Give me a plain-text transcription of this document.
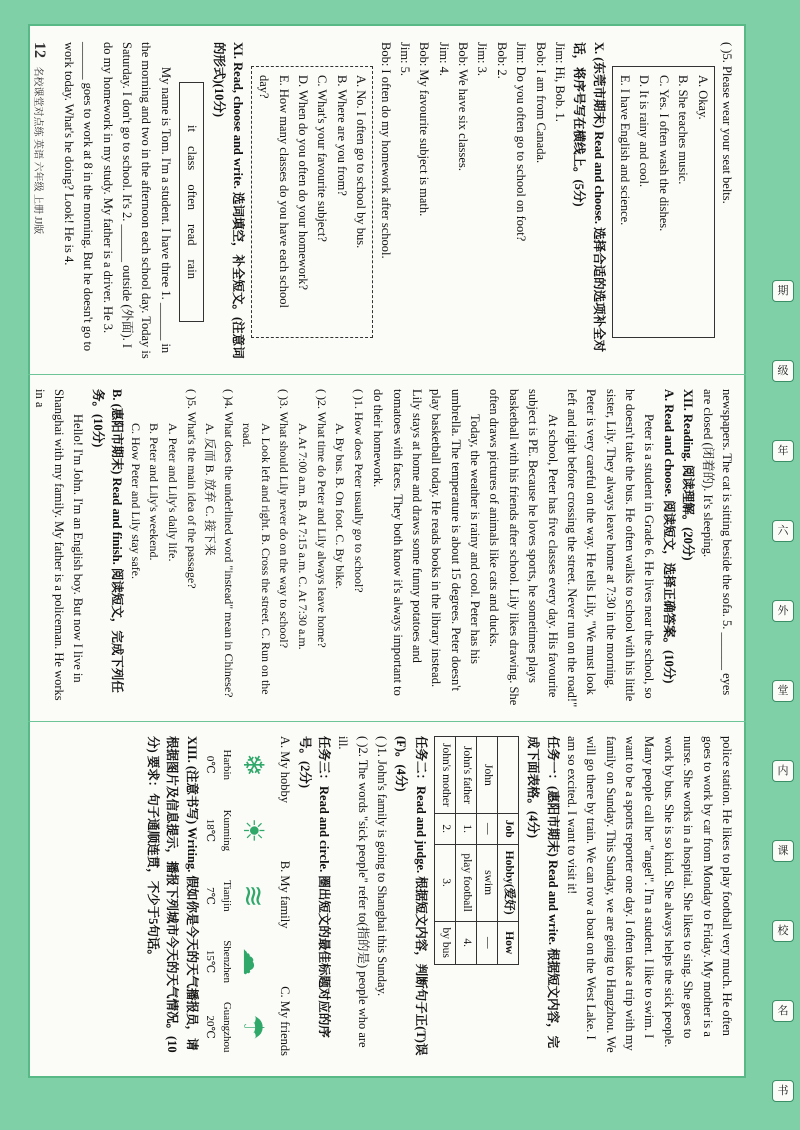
( )5. Please wear your seat belts.
A. Okay.
B. She teaches music.
C. Yes. I often wash the dishes.
D. It is rainy and cool.
E. I have English and science.
X. (东莞市期末) Read and choose. 选择合适的选项补全对话，将序号写在横线上。(5分)
Jim: Hi, Bob. 1.
Bob: I am from Canada.
Jim: Do you often go to school on foot?
Bob: 2.
Jim: 3.
Bob: We have six classes.
Jim: 4.
Bob: My favourite subject is math.
Jim: 5.
Bob: I often do my homework after school.
A. No. I often go to school by bus.
B. Where are you from?
C. What's your favourite subject?
D. When do you often do your homework?
E. How many classes do you have each school day?
XI. Read, choose and write. 选词填空，补全短文。(注意词的形式)(10分)
it
class
often
read
rain
My name is Tom. I'm a student. I have three 1. ______ in the morning and two in the afternoon each school day. Today is Saturday. I don't go to school. It's 2. ______ outside (外面). I do my homework in my study. My father is a driver. He 3. ______ goes to work at 8 in the morning. But he doesn't go to work today. What's he doing? Look! He is 4.
newspapers. The cat is sitting beside the sofa. 5. ______ eyes are closed (闭着的). It's sleeping.
XII. Reading. 阅读理解。(20分)
A. Read and choose. 阅读短文，选择正确答案。(10分)
Peter is a student in Grade 6. He lives near the school, so he doesn't take the bus. He often walks to school with his little sister, Lily. They always leave home at 7:30 in the morning. Peter is very careful on the way. He tells Lily, "We must look left and right before crossing the street. Never run on the road!"
At school, Peter has five classes every day. His favourite subject is PE. Because he loves sports, he sometimes plays basketball with his friends after school. Lily likes drawing. She often draws pictures of animals like cats and ducks.
Today, the weather is rainy and cool. Peter has his umbrella. The temperature is about 15 degrees. Peter doesn't play basketball today. He reads books in the library instead. Lily stays at home and draws some funny potatoes and tomatoes with faces. They both know it's always important to do their homework.
( )1. How does Peter usually go to school?
A. By bus. B. On foot. C. By bike.
( )2. What time do Peter and Lily always leave home?
A. At 7:00 a.m. B. At 7:15 a.m. C. At 7:30 a.m.
( )3. What should Lily never do on the way to school?
A. Look left and right. B. Cross the street. C. Run on the road.
( )4. What does the underlined word "instead" mean in Chinese?
A. 反而 B. 放弃 C. 接下来
( )5. What's the main idea of the passage?
A. Peter and Lily's daily life.
B. Peter and Lily's weekend.
C. How Peter and Lily stay safe.
B. (惠阳市期末) Read and finish. 阅读短文，完成下列任务。(10分)
Hello! I'm John. I'm an English boy. But now I live in Shanghai with my family. My father is a policeman. He works in a
police station. He likes to play football very much. He often goes to work by car from Monday to Friday. My mother is a nurse. She works in a hospital. She likes to sing. She goes to work by bus. She is so kind. She always helps the sick people. Many people call her "angel". I'm a student. I like to swim. I want to be a sports reporter one day. I often take a trip with my family on Sunday. This Sunday, we are going to Hangzhou. We will go there by train. We can row a boat on the West Lake. I am so excited. I want to visit it!
任务一：(惠阳市期末) Read and write. 根据短文内容，完成下面表格。(4分)
	Job	Hobby(爱好)	How
John	—	swim	—
John's father	1.	play football	4.
John's mother	2.	3.	by bus
任务二：Read and judge. 根据短文内容，判断句子正(T)误(F)。(4分)
( )1. John's family is going to Shanghai this Sunday.
( )2. The words "sick people" refer to(指的是) people who are ill.
任务三：Read and circle. 圈出短文的最佳标题对应的序号。(2分)
A. My hobby
B. My family
C. My friends
❄
Harbin
0℃
☀
Kunming
18℃
≋
Tianjin
7℃
☁
Shenzhen
15℃
☂
Guangzhou
20℃
XIII. (注意书写) Writing. 假如你是今天的天气播报员，请根据图片及信息提示，播报下列城市今天的天气情况。(10分) 要求：句子通顺连贯，不少于5句话。
12 名校课堂对点练 英语 六年级 上册 JJ版
书
名
校
课
内
堂
外
六
年
级
期
